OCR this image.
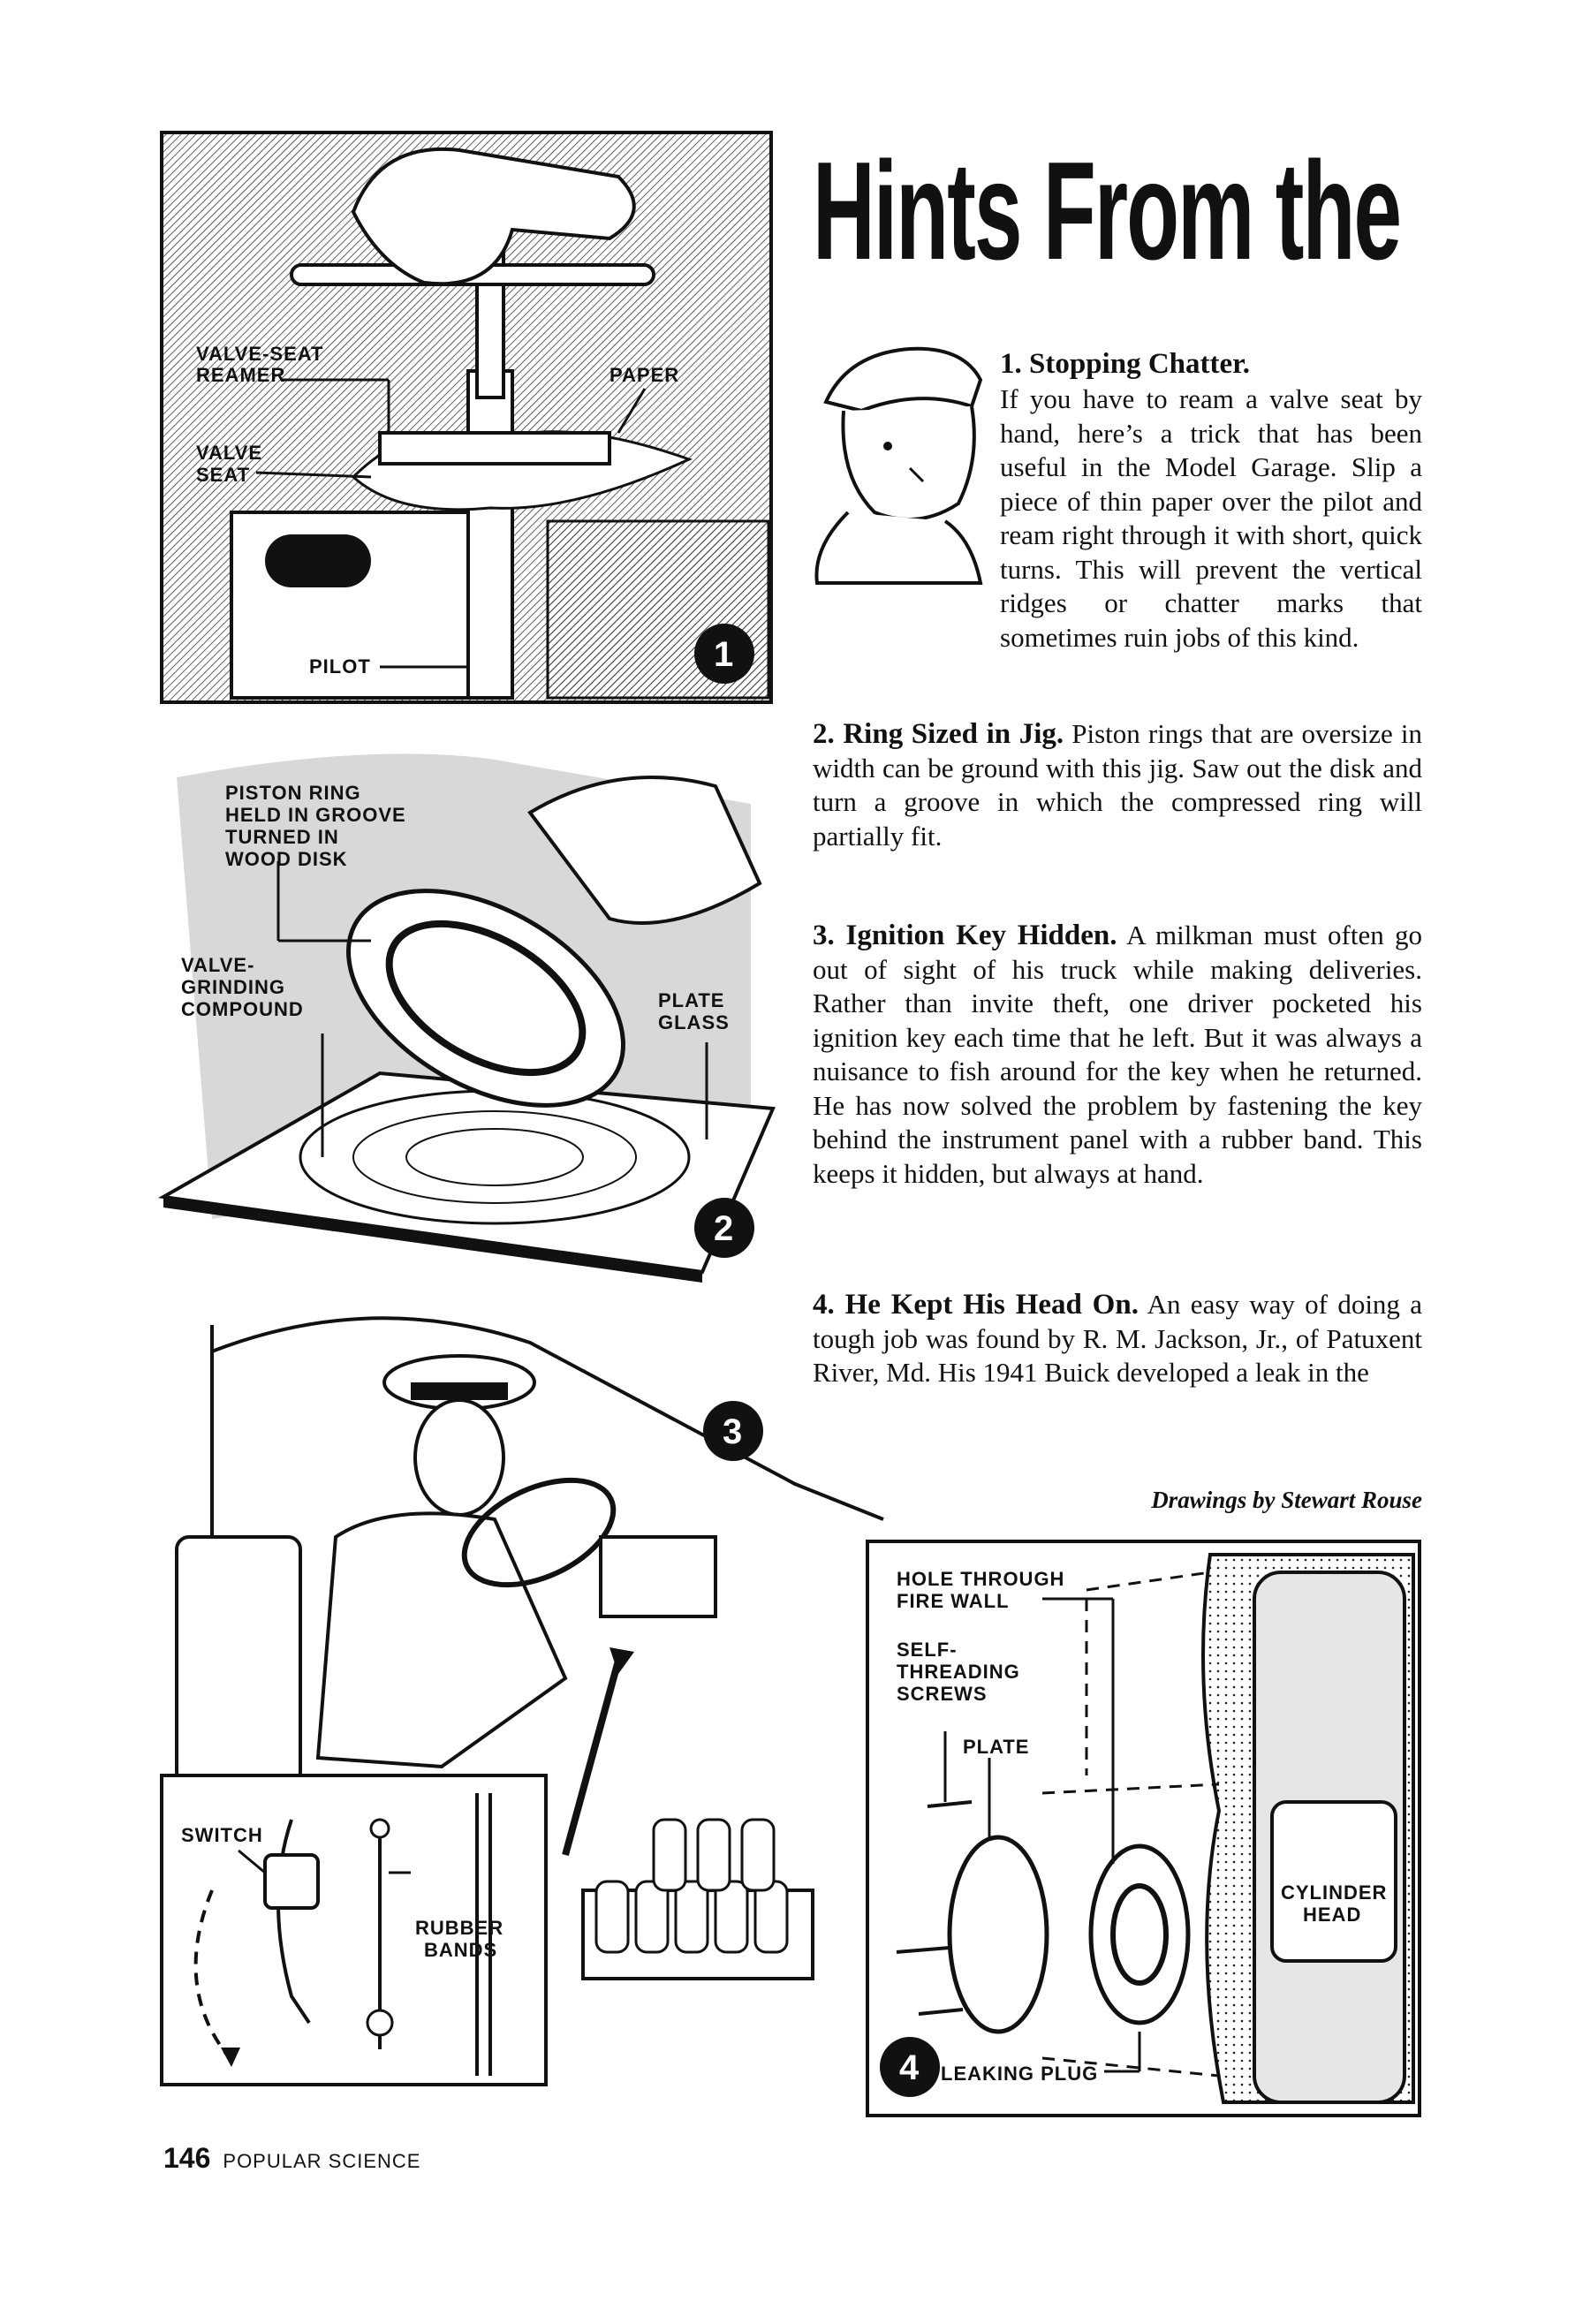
VALVE-SEAT
REAMER	PAPER
VALVE
SEAT
PILOT	1
PISTON RING
HELD IN GROOVE
TURNED IN
WOOD DISK
VALVE-
GRINDING
COMPOUND	PLATE
GLASS
2
SWITCH
RUBBER
BANDS
3
HOLE THROUGH
FIRE WALL
SELF-
THREADING
SCREWS
PLATE
LEAKING PLUG
CYLINDER
HEAD
4
Hints From the
1. Stopping Chatter.
If you have to ream a valve seat by hand, here’s a trick that has been useful in the Model Garage. Slip a piece of thin paper over the pilot and ream right through it with short, quick turns. This will prevent the vertical ridges or chatter marks that sometimes ruin jobs of this kind.
2. Ring Sized in Jig. Piston rings that are oversize in width can be ground with this jig. Saw out the disk and turn a groove in which the compressed ring will partially fit.
3. Ignition Key Hidden. A milkman must often go out of sight of his truck while making deliveries. Rather than invite theft, one driver pocketed his ignition key each time that he left. But it was always a nuisance to fish around for the key when he returned. He has now solved the problem by fastening the key behind the instrument panel with a rubber band. This keeps it hidden, but always at hand.
4. He Kept His Head On. An easy way of doing a tough job was found by R. M. Jackson, Jr., of Patuxent River, Md. His 1941 Buick developed a leak in the
Drawings by Stewart Rouse
146 POPULAR SCIENCE
